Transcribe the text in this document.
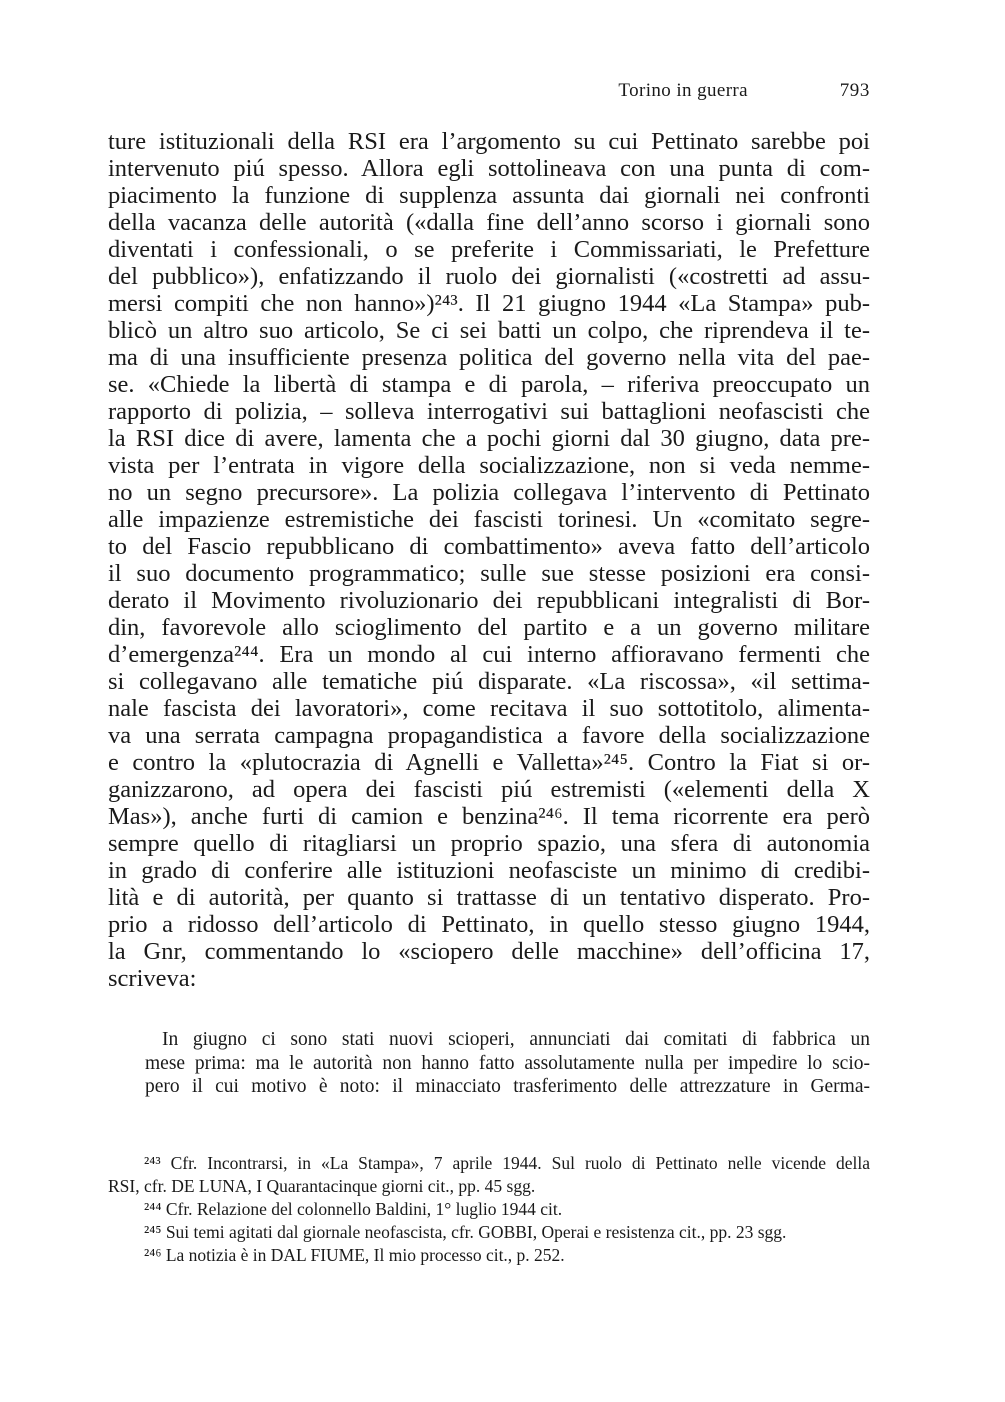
Torino in guerra	793
ture istituzionali della RSI era l’argomento su cui Pettinato sarebbe poi
intervenuto piú spesso. Allora egli sottolineava con una punta di com-
piacimento la funzione di supplenza assunta dai giornali nei confronti
della vacanza delle autorità («dalla fine dell’anno scorso i giornali sono
diventati i confessionali, o se preferite i Commissariati, le Prefetture
del pubblico»), enfatizzando il ruolo dei giornalisti («costretti ad assu-
mersi compiti che non hanno»)²⁴³. Il 21 giugno 1944 «La Stampa» pub-
blicò un altro suo articolo, Se ci sei batti un colpo, che riprendeva il te-
ma di una insufficiente presenza politica del governo nella vita del pae-
se. «Chiede la libertà di stampa e di parola, – riferiva preoccupato un
rapporto di polizia, – solleva interrogativi sui battaglioni neofascisti che
la RSI dice di avere, lamenta che a pochi giorni dal 30 giugno, data pre-
vista per l’entrata in vigore della socializzazione, non si veda nemme-
no un segno precursore». La polizia collegava l’intervento di Pettinato
alle impazienze estremistiche dei fascisti torinesi. Un «comitato segre-
to del Fascio repubblicano di combattimento» aveva fatto dell’articolo
il suo documento programmatico; sulle sue stesse posizioni era consi-
derato il Movimento rivoluzionario dei repubblicani integralisti di Bor-
din, favorevole allo scioglimento del partito e a un governo militare
d’emergenza²⁴⁴. Era un mondo al cui interno affioravano fermenti che
si collegavano alle tematiche piú disparate. «La riscossa», «il settima-
nale fascista dei lavoratori», come recitava il suo sottotitolo, alimenta-
va una serrata campagna propagandistica a favore della socializzazione
e contro la «plutocrazia di Agnelli e Valletta»²⁴⁵. Contro la Fiat si or-
ganizzarono, ad opera dei fascisti piú estremisti («elementi della X
Mas»), anche furti di camion e benzina²⁴⁶. Il tema ricorrente era però
sempre quello di ritagliarsi un proprio spazio, una sfera di autonomia
in grado di conferire alle istituzioni neofasciste un minimo di credibi-
lità e di autorità, per quanto si trattasse di un tentativo disperato. Pro-
prio a ridosso dell’articolo di Pettinato, in quello stesso giugno 1944,
la Gnr, commentando lo «sciopero delle macchine» dell’officina 17,
scriveva:
In giugno ci sono stati nuovi scioperi, annunciati dai comitati di fabbrica un
mese prima: ma le autorità non hanno fatto assolutamente nulla per impedire lo scio-
pero il cui motivo è noto: il minacciato trasferimento delle attrezzature in Germa-
²⁴³ Cfr. Incontrarsi, in «La Stampa», 7 aprile 1944. Sul ruolo di Pettinato nelle vicende della
RSI, cfr. DE LUNA, I Quarantacinque giorni cit., pp. 45 sgg.
²⁴⁴ Cfr. Relazione del colonnello Baldini, 1° luglio 1944 cit.
²⁴⁵ Sui temi agitati dal giornale neofascista, cfr. GOBBI, Operai e resistenza cit., pp. 23 sgg.
²⁴⁶ La notizia è in DAL FIUME, Il mio processo cit., p. 252.
